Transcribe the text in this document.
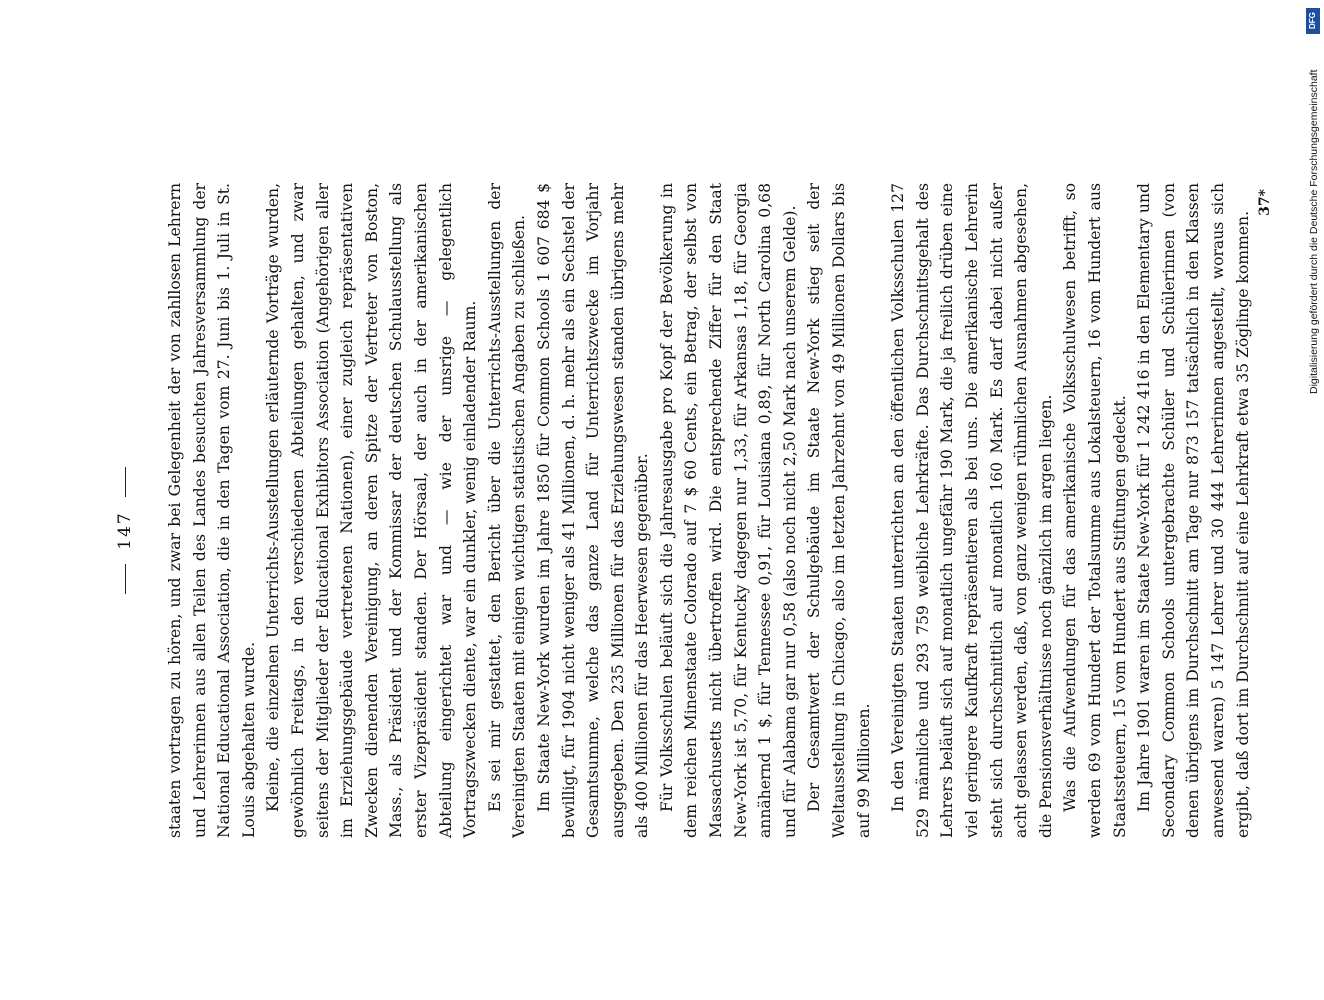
147 staaten vortragen zu hören, und zwar bei Gelegenheit der von zahllosen Lehrern und Lehrerinnen aus allen Teilen des Landes besuchten Jahresversammlung der National Educational Association, die in den Tagen vom 27. Juni bis 1. Juli in St. Louis abgehalten wurde. Kleine, die einzelnen Unterrichts-Ausstellungen erläuternde Vorträge wurden, gewöhnlich Freitags, in den verschiedenen Abteilungen gehalten, und zwar seitens der Mitglieder der Educational Exhibitors Association (Angehörigen aller im Erziehungsgebäude vertretenen Nationen), einer zugleich repräsentativen Zwecken dienenden Vereinigung, an deren Spitze der Vertreter von Boston, Mass., als Präsident und der Kommissar der deutschen Schulausstellung als erster Vizepräsident standen. Der Hörsaal, der auch in der amerikanischen Abteilung eingerichtet war und — wie der unsrige — gelegentlich Vortragszwecken diente, war ein dunkler, wenig einladender Raum. Es sei mir gestattet, den Bericht über die Unterrichts-Ausstellungen der Vereinigten Staaten mit einigen wichtigen statistischen Angaben zu schließen. Im Staate New-York wurden im Jahre 1850 für Common Schools 1 607 684 $ bewilligt, für 1904 nicht weniger als 41 Millionen, d. h. mehr als ein Sechstel der Gesamtsumme, welche das ganze Land für Unterrichtszwecke im Vorjahr ausgegeben. Den 235 Millionen für das Erziehungswesen standen übrigens mehr als 400 Millionen für das Heerwesen gegenüber. Für Volksschulen beläuft sich die Jahresausgabe pro Kopf der Bevölkerung in dem reichen Minenstaate Colorado auf 7 $ 60 Cents, ein Betrag, der selbst von Massachusetts nicht übertroffen wird. Die entsprechende Ziffer für den Staat New-York ist 5,70, für Kentucky dagegen nur 1,33, für Arkansas 1,18, für Georgia annähernd 1 $, für Tennessee 0,91, für Louisiana 0,89, für North Carolina 0,68 und für Alabama gar nur 0,58 (also noch nicht 2,50 Mark nach unserem Gelde). Der Gesamtwert der Schulgebäude im Staate New-York stieg seit der Weltausstellung in Chicago, also im letzten Jahrzehnt von 49 Millionen Dollars bis auf 99 Millionen. In den Vereinigten Staaten unterrichten an den öffentlichen Volksschulen 127 529 männliche und 293 759 weibliche Lehrkräfte. Das Durchschnittsgehalt des Lehrers beläuft sich auf monatlich ungefähr 190 Mark, die ja freilich drüben eine viel geringere Kaufkraft repräsentieren als bei uns. Die amerikanische Lehrerin steht sich durchschnittlich auf monatlich 160 Mark. Es darf dabei nicht außer acht gelassen werden, daß, von ganz wenigen rühmlichen Ausnahmen abgesehen, die Pensionsverhältnisse noch gänzlich im argen liegen. Was die Aufwendungen für das amerikanische Volksschulwesen betrifft, so werden 69 vom Hundert der Totalsumme aus Lokalsteuern, 16 vom Hundert aus Staatssteuern, 15 vom Hundert aus Stiftungen gedeckt. Im Jahre 1901 waren im Staate New-York für 1 242 416 in den Elementary und Secondary Common Schools untergebrachte Schüler und Schülerinnen (von denen übrigens im Durchschnitt am Tage nur 873 157 tatsächlich in den Klassen anwesend waren) 5 147 Lehrer und 30 444 Lehrerinnen angestellt, woraus sich ergibt, daß dort im Durchschnitt auf eine Lehrkraft etwa 35 Zöglinge kommen.

37*
DFG
Digitalisierung gefördert durch die Deutsche Forschungsgemeinschaft
